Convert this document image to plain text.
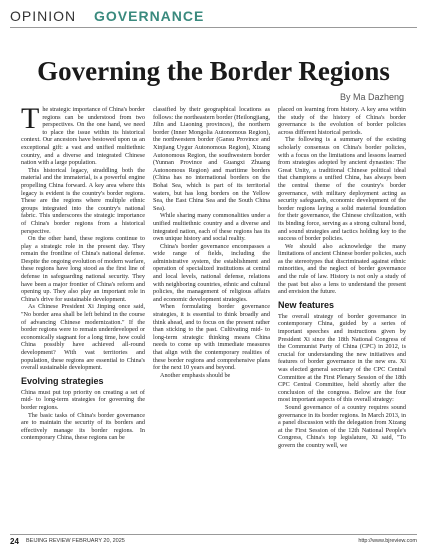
OPINION GOVERNANCE
Governing the Border Regions
By Ma Dazheng

The strategic importance of China's border regions can be understood from two perspectives. On the one hand, we need to place the issue within its historical context. Our ancestors have bestowed upon us an exceptional gift: a vast and unified multiethnic country, and a diverse and integrated Chinese nation with a large population.

This historical legacy, straddling both the material and the immaterial, is a powerful engine propelling China forward. A key area where this legacy is evident is the country's border regions. These are the regions where multiple ethnic groups integrated into the country's national fabric. This underscores the strategic importance of China's border regions from a historical perspective.

On the other hand, these regions continue to play a strategic role in the present day. They remain the frontline of China's national defense. Despite the ongoing evolution of modern warfare, these regions have long stood as the first line of defense in safeguarding national security. They have been a major frontier of China's reform and opening up. They also play an important role in China's drive for sustainable development.

As Chinese President Xi Jinping once said, "No border area shall be left behind in the course of advancing Chinese modernization." If the border regions were to remain underdeveloped or economically stagnant for a long time, how could China possibly have achieved all-round development? With vast territories and population, these regions are essential to China's overall sustainable development.

Evolving strategies

China must put top priority on creating a set of mid- to long-term strategies for governing the border regions.

The basic tasks of China's border governance are to maintain the security of its borders and effectively manage its border regions. In contemporary China, these regions can be

classified by their geographical locations as follows: the northeastern border (Heilongjiang, Jilin and Liaoning provinces), the northern border (Inner Mongolia Autonomous Region), the northwestern border (Gansu Province and Xinjiang Uygur Autonomous Region), Xizang Autonomous Region, the southwestern border (Yunnan Province and Guangxi Zhuang Autonomous Region) and maritime borders (China has no international borders on the Bohai Sea, which is part of its territorial waters, but has long borders on the Yellow Sea, the East China Sea and the South China Sea).

While sharing many commonalities under a unified multiethnic country and a diverse and integrated nation, each of these regions has its own unique history and social reality.

China's border governance encompasses a wide range of fields, including the administrative system, the establishment and operation of specialized institutions at central and local levels, national defense, relations with neighboring countries, ethnic and cultural policies, the management of religious affairs and economic development strategies.

When formulating border governance strategies, it is essential to think broadly and think ahead, and to focus on the present rather than sticking to the past. Cultivating mid- to long-term strategic thinking means China needs to come up with immediate measures that align with the contemporary realities of these border regions and comprehensive plans for the next 10 years and beyond.

Another emphasis should be

placed on learning from history. A key area within the study of the history of China's border governance is the evolution of border policies across different historical periods.

The following is a summary of the existing scholarly consensus on China's border policies, with a focus on the limitations and lessons learned from strategies adopted by ancient dynasties: The Great Unity, a traditional Chinese political ideal that champions a unified China, has always been the central theme of the country's border governance, with military deployment acting as security safeguards, economic development of the border regions laying a solid material foundation for their governance, the Chinese civilization, with its binding force, serving as a strong cultural bond, and sound strategies and tactics holding key to the success of border policies.

We should also acknowledge the many limitations of ancient Chinese border policies, such as the stereotypes that discriminated against ethnic minorities, and the neglect of border governance and the rule of law. History is not only a study of the past but also a lens to understand the present and envision the future.

New features

The overall strategy of border governance in contemporary China, guided by a series of important speeches and instructions given by President Xi since the 18th National Congress of the Communist Party of China (CPC) in 2012, is crucial for understanding the new initiatives and features of border governance in the new era. Xi was elected general secretary of the CPC Central Committee at the First Plenary Session of the 18th CPC Central Committee, held shortly after the conclusion of the congress. Below are the four most important aspects of this overall strategy:

Sound governance of a country requires sound governance in its border regions. In March 2013, in a panel discussion with the delegation from Xizang at the First Session of the 12th National People's Congress, China's top legislature, Xi said, "To govern the country well, we

24 BEIJING REVIEW FEBRUARY 20, 2025	http://www.bjreview.com
